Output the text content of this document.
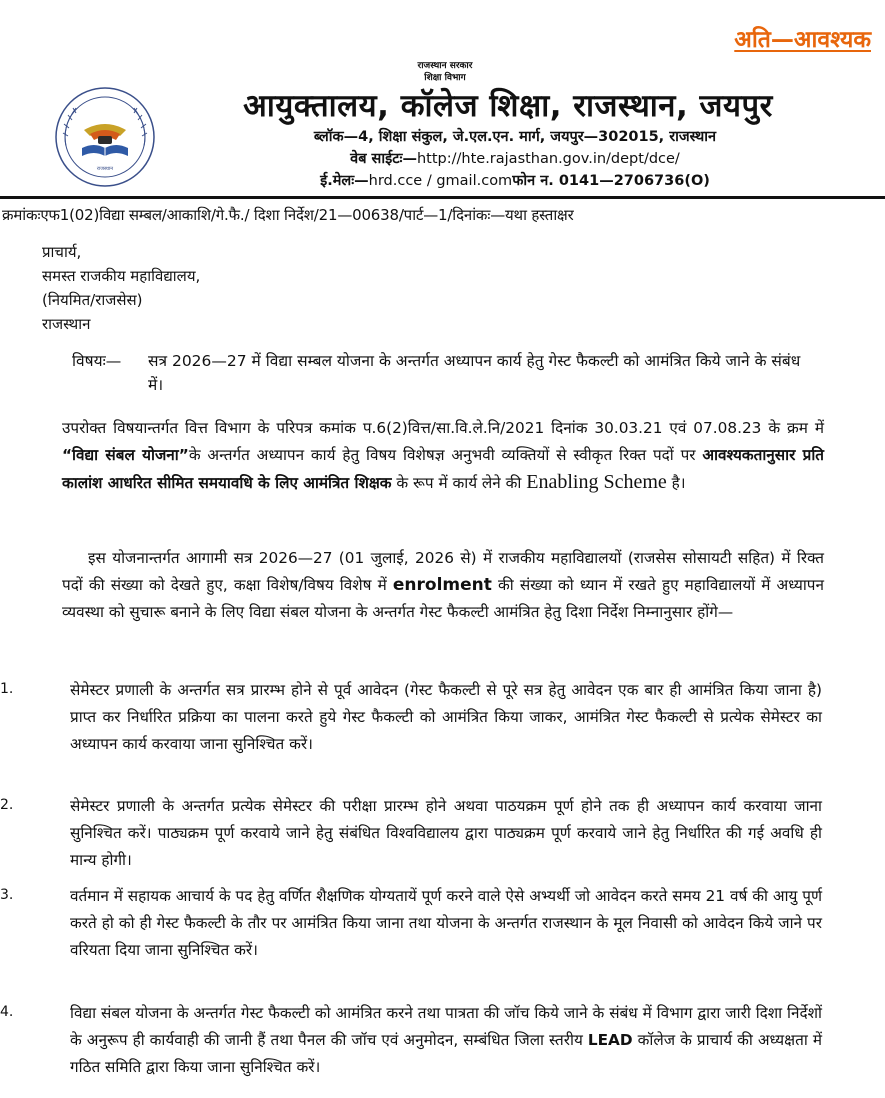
अति—आवश्यक
राजस्थान
राजस्थान सरकार
शिक्षा विभाग
आयुक्तालय, कॉलेज शिक्षा, राजस्थान, जयपुर
ब्लॉक—4, शिक्षा संकुल, जे.एल.एन. मार्ग, जयपुर—302015, राजस्थान
वेब साईटः—http://hte.rajasthan.gov.in/dept/dce/
ई.मेलः—hrd.cce / gmail.comफोन न. 0141—2706736(O)
क्रमांकःएफ1(02)विद्या सम्बल/आकाशि/गे.फै./ दिशा निर्देश/21—00638/पार्ट—1/दिनांकः—यथा हस्ताक्षर
प्राचार्य,
समस्त राजकीय महाविद्यालय,
(नियमित/राजसेस)
राजस्थान
विषयः— सत्र 2026—27 में विद्या सम्बल योजना के अन्तर्गत अध्यापन कार्य हेतु गेस्ट फैकल्टी को आमंत्रित किये जाने के संबंध में।
उपरोक्त विषयान्तर्गत वित्त विभाग के परिपत्र कमांक प.6(2)वित्त/सा.वि.ले.नि/2021 दिनांक 30.03.21 एवं 07.08.23 के क्रम में “विद्या संबल योजना”के अन्तर्गत अध्यापन कार्य हेतु विषय विशेषज्ञ अनुभवी व्यक्तियों से स्वीकृत रिक्त पदों पर आवश्यकतानुसार प्रति कालांश आधरित सीमित समयावधि के लिए आमंत्रित शिक्षक के रूप में कार्य लेने की Enabling Scheme है।
इस योजनान्तर्गत आगामी सत्र 2026—27 (01 जुलाई, 2026 से) में राजकीय महाविद्यालयों (राजसेस सोसायटी सहित) में रिक्त पदों की संख्या को देखते हुए, कक्षा विशेष/विषय विशेष में enrolment की संख्या को ध्यान में रखते हुए महाविद्यालयों में अध्यापन व्यवस्था को सुचारू बनाने के लिए विद्या संबल योजना के अन्तर्गत गेस्ट फैकल्टी आमंत्रित हेतु दिशा निर्देश निम्नानुसार होंगे—
1.	सेमेस्टर प्रणाली के अन्तर्गत सत्र प्रारम्भ होने से पूर्व आवेदन (गेस्ट फैकल्टी से पूरे सत्र हेतु आवेदन एक बार ही आमंत्रित किया जाना है) प्राप्त कर निर्धारित प्रक्रिया का पालना करते हुये गेस्ट फैकल्टी को आमंत्रित किया जाकर, आमंत्रित गेस्ट फैकल्टी से प्रत्येक सेमेस्टर का अध्यापन कार्य करवाया जाना सुनिश्चित करें।
2.	सेमेस्टर प्रणाली के अन्तर्गत प्रत्येक सेमेस्टर की परीक्षा प्रारम्भ होने अथवा पाठयक्रम पूर्ण होने तक ही अध्यापन कार्य करवाया जाना सुनिश्चित करें। पाठ्यक्रम पूर्ण करवाये जाने हेतु संबंधित विश्वविद्यालय द्वारा पाठ्यक्रम पूर्ण करवाये जाने हेतु निर्धारित की गई अवधि ही मान्य होगी।
3.	वर्तमान में सहायक आचार्य के पद हेतु वर्णित शैक्षणिक योग्यतायें पूर्ण करने वाले ऐसे अभ्यर्थी जो आवेदन करते समय 21 वर्ष की आयु पूर्ण करते हो को ही गेस्ट फैकल्टी के तौर पर आमंत्रित किया जाना तथा योजना के अन्तर्गत राजस्थान के मूल निवासी को आवेदन किये जाने पर वरियता दिया जाना सुनिश्चित करें।
4.	विद्या संबल योजना के अन्तर्गत गेस्ट फैकल्टी को आमंत्रित करने तथा पात्रता की जॉच किये जाने के संबंध में विभाग द्वारा जारी दिशा निर्देशों के अनुरूप ही कार्यवाही की जानी हैं तथा पैनल की जॉच एवं अनुमोदन, सम्बंधित जिला स्तरीय LEAD कॉलेज के प्राचार्य की अध्यक्षता में गठित समिति द्वारा किया जाना सुनिश्चित करें।
